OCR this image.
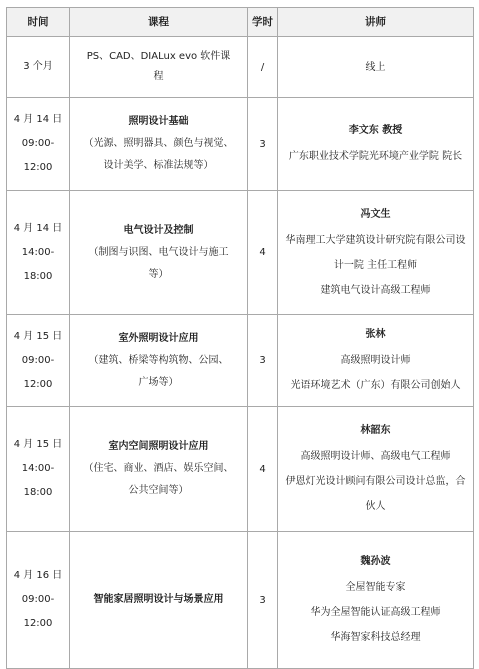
时间	课程	学时	讲师

3 个月	PS、CAD、DIALux evo 软件课
程	/	线上

4 月 14 日
09:00-12:00	照明设计基础
（光源、照明器具、颜色与视觉、
设计美学、标准法规等）	3	李文东 教授
广东职业技术学院光环境产业学院 院长

4 月 14 日
14:00-18:00	电气设计及控制
（制图与识图、电气设计与施工
等）	4	冯文生
华南理工大学建筑设计研究院有限公司设
计一院 主任工程师
建筑电气设计高级工程师

4 月 15 日
09:00-12:00	室外照明设计应用
（建筑、桥梁等构筑物、公园、
广场等）	3	张林
高级照明设计师
光语环境艺术（广东）有限公司创始人

4 月 15 日
14:00-18:00	室内空间照明设计应用
（住宅、商业、酒店、娱乐空间、
公共空间等）	4	林韶东
高级照明设计师、高级电气工程师
伊恩灯光设计顾问有限公司设计总监，合
伙人

4 月 16 日
09:00-12:00	智能家居照明设计与场景应用	3	魏孙波
全屋智能专家
华为全屋智能认证高级工程师
华海智家科技总经理
